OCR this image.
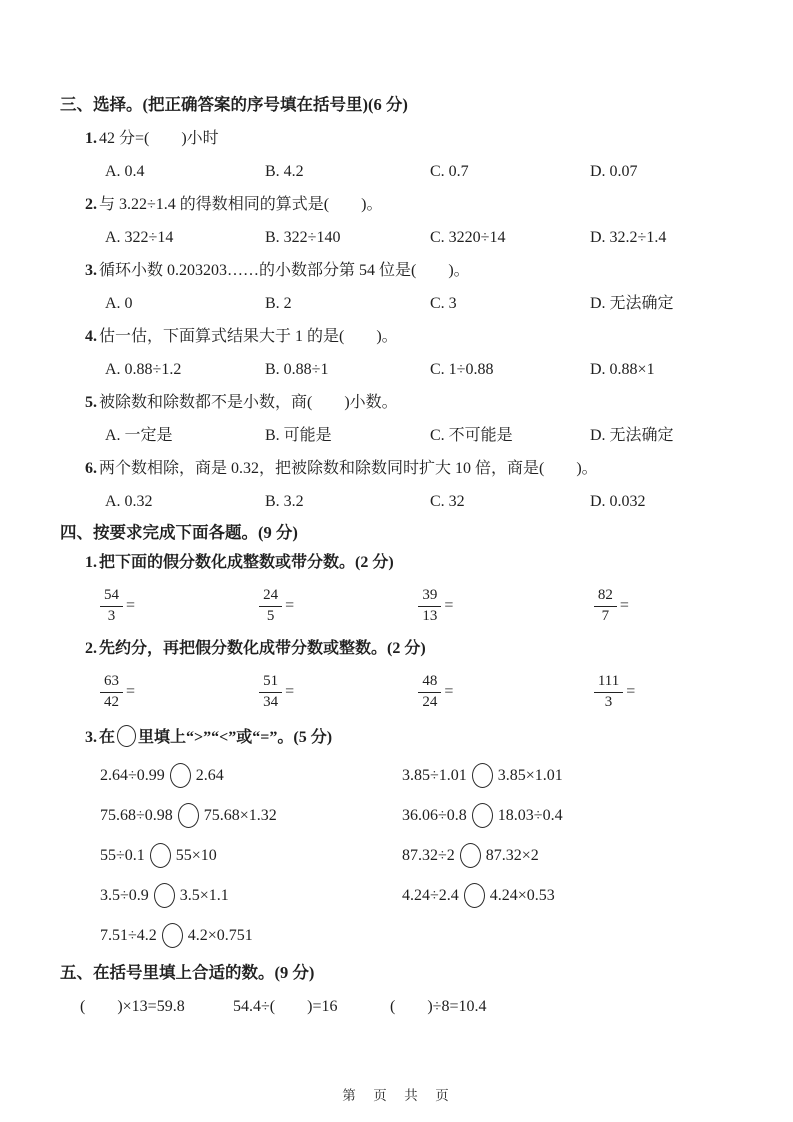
三、选择。(把正确答案的序号填在括号里)(6 分)
1. 42 分=(　　)小时
A. 0.4	B. 4.2	C. 0.7	D. 0.07
2. 与 3.22÷1.4 的得数相同的算式是(　　)。
A. 322÷14	B. 322÷140	C. 3220÷14	D. 32.2÷1.4
3. 循环小数 0.203203……的小数部分第 54 位是(　　)。
A. 0	B. 2	C. 3	D. 无法确定
4. 估一估，下面算式结果大于 1 的是(　　)。
A. 0.88÷1.2	B. 0.88÷1	C. 1÷0.88	D. 0.88×1
5. 被除数和除数都不是小数，商(　　)小数。
A. 一定是	B. 可能是	C. 不可能是	D. 无法确定
6. 两个数相除，商是 0.32，把被除数和除数同时扩大 10 倍，商是(　　)。
A. 0.32	B. 3.2	C. 32	D. 0.032
四、按要求完成下面各题。(9 分)
1. 把下面的假分数化成整数或带分数。(2 分)
$\frac{54}{3}$ =	$\frac{24}{5}$ =	$\frac{39}{13}$ =	$\frac{82}{7}$ =
2. 先约分，再把假分数化成带分数或整数。(2 分)
$\frac{63}{42}$ =	$\frac{51}{34}$ =	$\frac{48}{24}$ =	$\frac{111}{3}$ =
3. 在 里填上“>”“<”或“=”。(5 分)
2.64÷0.99 2.64	3.85÷1.01 3.85×1.01
75.68÷0.98 75.68×1.32	36.06÷0.8 18.03÷0.4
55÷0.1 55×10	87.32÷2 87.32×2
3.5÷0.9 3.5×1.1	4.24÷2.4 4.24×0.53
7.51÷4.2 4.2×0.751
五、在括号里填上合适的数。(9 分)
(　　)×13=59.8	54.4÷(　　)=16	(　　)÷8=10.4
第　页　共　页
